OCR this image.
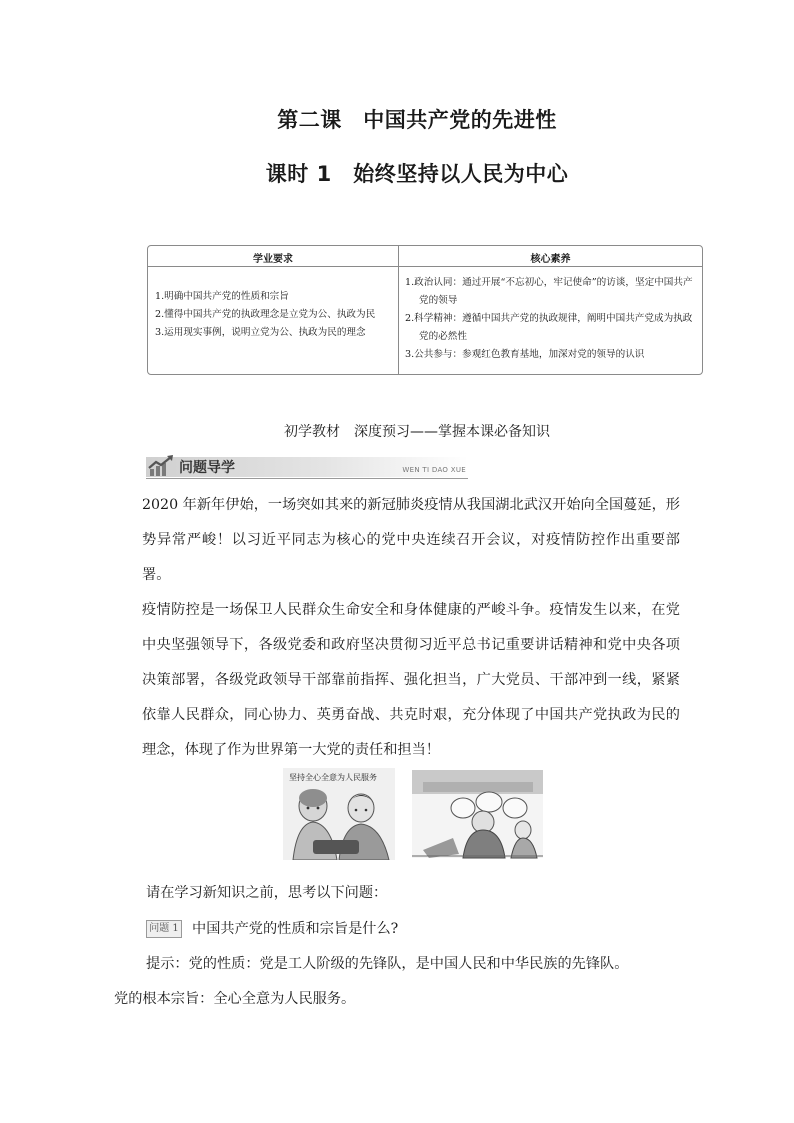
第二课　中国共产党的先进性
课时 1　始终坚持以人民为中心
学业要求	核心素养
1.明确中国共产党的性质和宗旨
2.懂得中国共产党的执政理念是立党为公、执政为民
3.运用现实事例，说明立党为公、执政为民的理念
1.政治认同：通过开展“不忘初心，牢记使命”的访谈，坚定中国共产党的领导
2.科学精神：遵循中国共产党的执政规律，阐明中国共产党成为执政党的必然性
3.公共参与：参观红色教育基地，加深对党的领导的认识
初学教材　深度预习——掌握本课必备知识
问题导学	WEN TI DAO XUE
2020 年新年伊始，一场突如其来的新冠肺炎疫情从我国湖北武汉开始向全国蔓延，形势异常严峻！以习近平同志为核心的党中央连续召开会议，对疫情防控作出重要部署。
疫情防控是一场保卫人民群众生命安全和身体健康的严峻斗争。疫情发生以来，在党中央坚强领导下，各级党委和政府坚决贯彻习近平总书记重要讲话精神和党中央各项决策部署，各级党政领导干部靠前指挥、强化担当，广大党员、干部冲到一线，紧紧依靠人民群众，同心协力、英勇奋战、共克时艰，充分体现了中国共产党执政为民的理念，体现了作为世界第一大党的责任和担当！
坚持全心全意为人民服务
请在学习新知识之前，思考以下问题：
问题 1 中国共产党的性质和宗旨是什么?
提示：党的性质：党是工人阶级的先锋队，是中国人民和中华民族的先锋队。
党的根本宗旨：全心全意为人民服务。
